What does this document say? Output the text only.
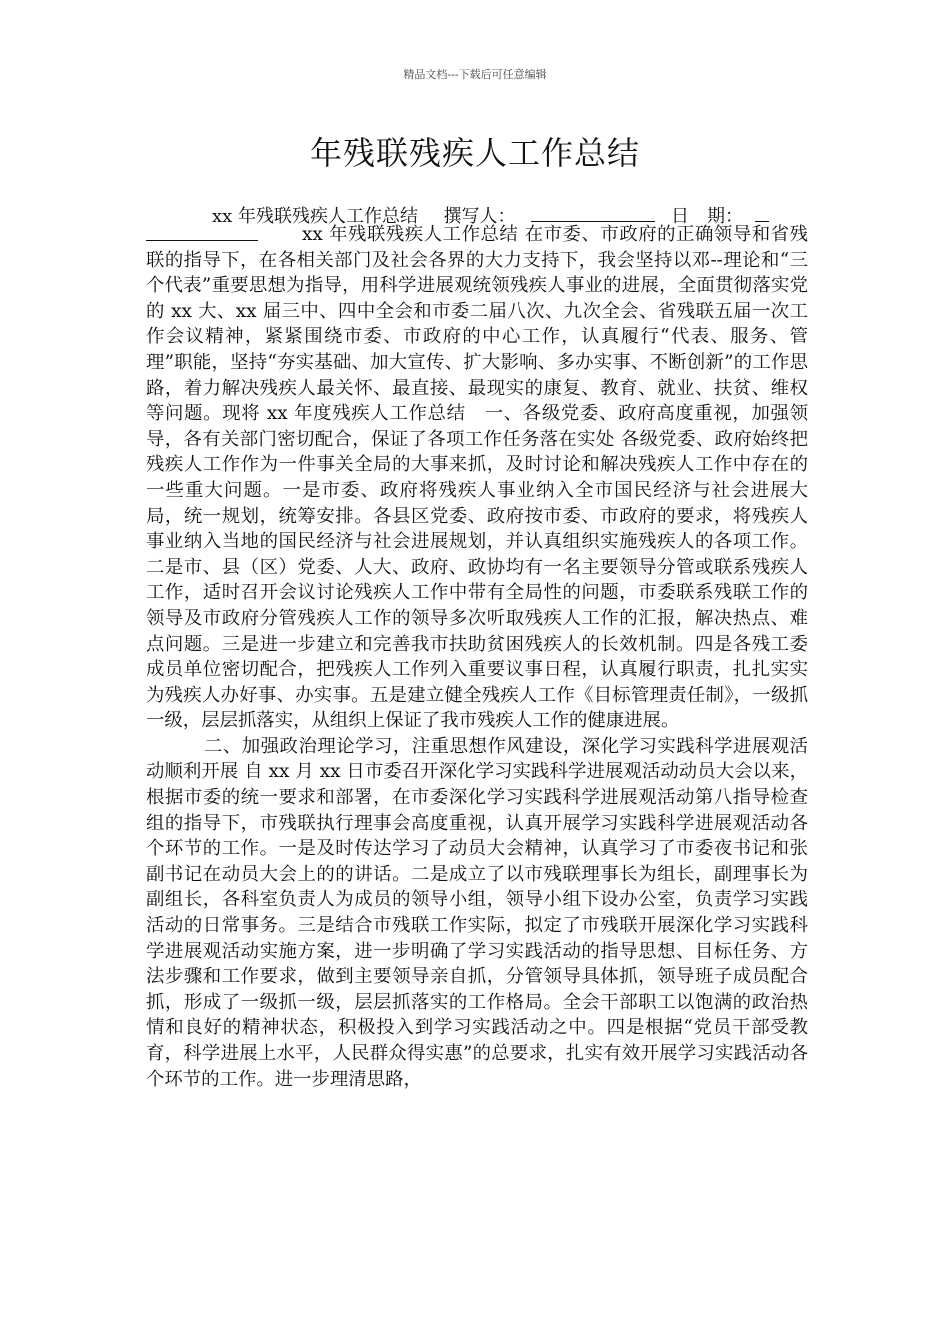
精品文档---下载后可任意编辑
年残联残疾人工作总结
xx 年残联残疾人工作总结 撰写人：	日　期：

xx 年残联残疾人工作总结 在市委、市政府的正确领导和省残联的指导下，在各相关部门及社会各界的大力支持下，我会坚持以邓--理论和“三个代表”重要思想为指导，用科学进展观统领残疾人事业的进展，全面贯彻落实党的 xx 大、xx 届三中、四中全会和市委二届八次、九次全会、省残联五届一次工作会议精神，紧紧围绕市委、市政府的中心工作，认真履行“代表、服务、管理”职能，坚持“夯实基础、加大宣传、扩大影响、多办实事、不断创新”的工作思路，着力解决残疾人最关怀、最直接、最现实的康复、教育、就业、扶贫、维权等问题。现将 xx 年度残疾人工作总结　一、各级党委、政府高度重视，加强领导，各有关部门密切配合，保证了各项工作任务落在实处 各级党委、政府始终把残疾人工作作为一件事关全局的大事来抓，及时讨论和解决残疾人工作中存在的一些重大问题。一是市委、政府将残疾人事业纳入全市国民经济与社会进展大局，统一规划，统筹安排。各县区党委、政府按市委、市政府的要求，将残疾人事业纳入当地的国民经济与社会进展规划，并认真组织实施残疾人的各项工作。二是市、县（区）党委、人大、政府、政协均有一名主要领导分管或联系残疾人工作，适时召开会议讨论残疾人工作中带有全局性的问题，市委联系残联工作的领导及市政府分管残疾人工作的领导多次听取残疾人工作的汇报，解决热点、难点问题。三是进一步建立和完善我市扶助贫困残疾人的长效机制。四是各残工委成员单位密切配合，把残疾人工作列入重要议事日程，认真履行职责，扎扎实实为残疾人办好事、办实事。五是建立健全残疾人工作《目标管理责任制》，一级抓一级，层层抓落实，从组织上保证了我市残疾人工作的健康进展。

二、加强政治理论学习，注重思想作风建设，深化学习实践科学进展观活动顺利开展 自 xx 月 xx 日市委召开深化学习实践科学进展观活动动员大会以来，根据市委的统一要求和部署，在市委深化学习实践科学进展观活动第八指导检查组的指导下，市残联执行理事会高度重视，认真开展学习实践科学进展观活动各个环节的工作。一是及时传达学习了动员大会精神，认真学习了市委夜书记和张副书记在动员大会上的的讲话。二是成立了以市残联理事长为组长，副理事长为副组长，各科室负责人为成员的领导小组，领导小组下设办公室，负责学习实践活动的日常事务。三是结合市残联工作实际，拟定了市残联开展深化学习实践科学进展观活动实施方案，进一步明确了学习实践活动的指导思想、目标任务、方法步骤和工作要求，做到主要领导亲自抓，分管领导具体抓，领导班子成员配合抓，形成了一级抓一级，层层抓落实的工作格局。全会干部职工以饱满的政治热情和良好的精神状态，积极投入到学习实践活动之中。四是根据“党员干部受教育，科学进展上水平，人民群众得实惠”的总要求，扎实有效开展学习实践活动各个环节的工作。进一步理清思路，
